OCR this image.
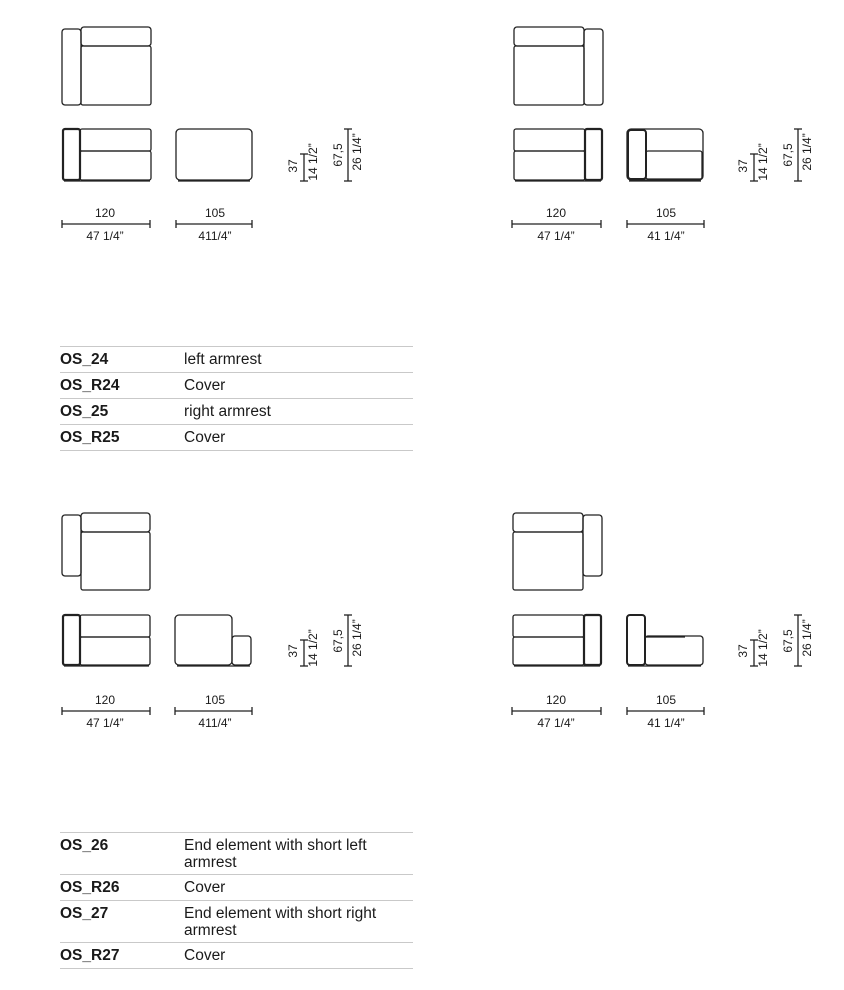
120
47 1/4”
105
411/4”
37 14 1/2” 67,5 26 1/4”
120
47 1/4”
105
41 1/4”
37 14 1/2” 67,5 26 1/4”
120
47 1/4”
105
411/4”
37 14 1/2” 67,5 26 1/4”
120
47 1/4”
105
41 1/4”
37 14 1/2” 67,5 26 1/4”
OS_24	left armrest
OS_R24	Cover
OS_25	right armrest
OS_R25	Cover
OS_26	End element with short left armrest
OS_R26	Cover
OS_27	End element with short right armrest
OS_R27	Cover
